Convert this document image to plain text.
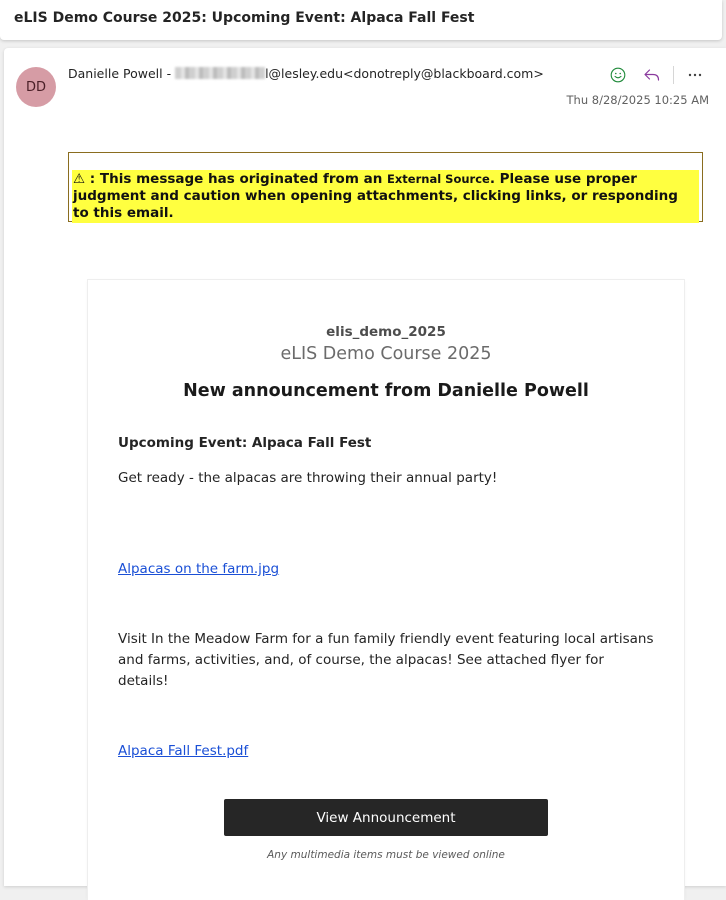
eLIS Demo Course 2025: Upcoming Event: Alpaca Fall Fest
DD
Danielle Powell -	l@lesley.edu<donotreply@blackboard.com>
Thu 8/28/2025 10:25 AM
⚠ : This message has originated from an External Source. Please use proper judgment and caution when opening attachments, clicking links, or responding to this email.
elis_demo_2025
eLIS Demo Course 2025
New announcement from Danielle Powell
Upcoming Event: Alpaca Fall Fest
Get ready - the alpacas are throwing their annual party!
Alpacas on the farm.jpg
Visit In the Meadow Farm for a fun family friendly event featuring local artisans and farms, activities, and, of course, the alpacas! See attached flyer for details!
Alpaca Fall Fest.pdf
View Announcement
Any multimedia items must be viewed online
